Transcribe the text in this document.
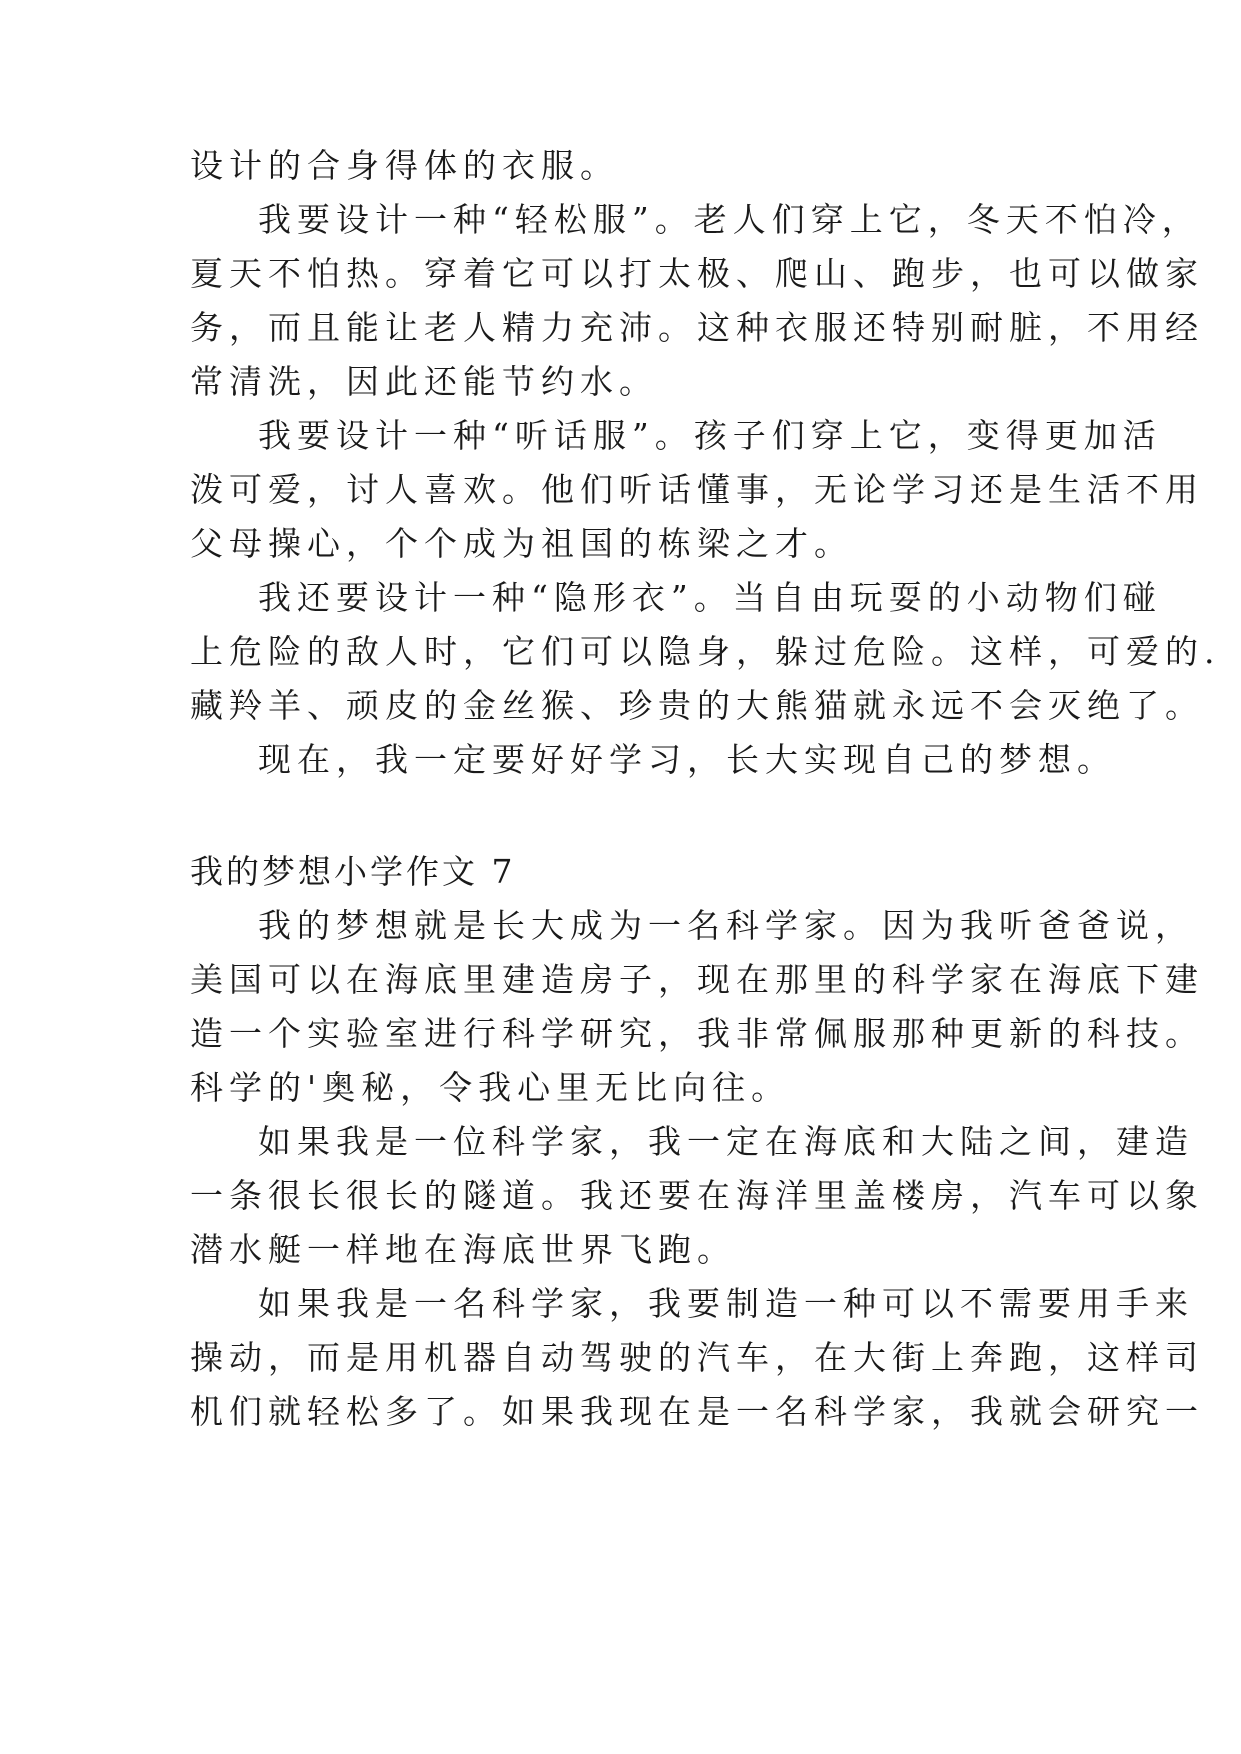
设计的合身得体的衣服。
我要设计一种“轻松服”。老人们穿上它，冬天不怕冷，
夏天不怕热。穿着它可以打太极、爬山、跑步，也可以做家
务，而且能让老人精力充沛。这种衣服还特别耐脏，不用经
常清洗，因此还能节约水。
我要设计一种“听话服”。孩子们穿上它，变得更加活
泼可爱，讨人喜欢。他们听话懂事，无论学习还是生活不用
父母操心，个个成为祖国的栋梁之才。
我还要设计一种“隐形衣”。当自由玩耍的小动物们碰
上危险的敌人时，它们可以隐身，躲过危险。这样，可爱的.
藏羚羊、顽皮的金丝猴、珍贵的大熊猫就永远不会灭绝了。
现在，我一定要好好学习，长大实现自己的梦想。
我的梦想小学作文 7
我的梦想就是长大成为一名科学家。因为我听爸爸说，
美国可以在海底里建造房子，现在那里的科学家在海底下建
造一个实验室进行科学研究，我非常佩服那种更新的科技。
科学的'奥秘，令我心里无比向往。
如果我是一位科学家，我一定在海底和大陆之间，建造
一条很长很长的隧道。我还要在海洋里盖楼房，汽车可以象
潜水艇一样地在海底世界飞跑。
如果我是一名科学家，我要制造一种可以不需要用手来
操动，而是用机器自动驾驶的汽车，在大街上奔跑，这样司
机们就轻松多了。如果我现在是一名科学家，我就会研究一
